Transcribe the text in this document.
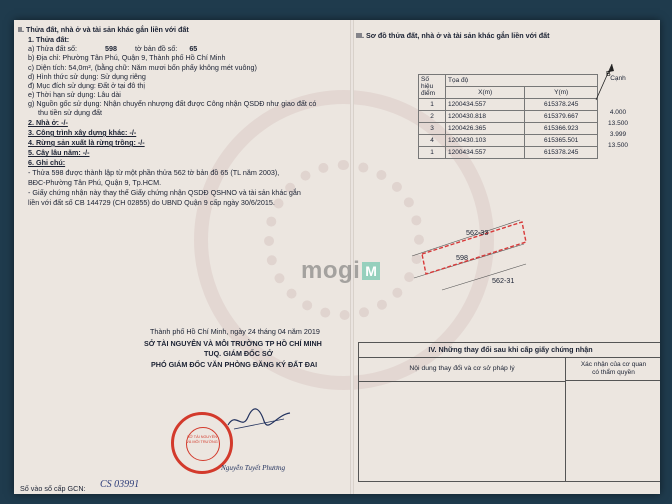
II. Thửa đất, nhà ở và tài sản khác gắn liền với đất
1. Thửa đất:
a) Thửa đất số:	598	tờ bản đồ số: 65
b) Địa chỉ: Phường Tân Phú, Quận 9, Thành phố Hồ Chí Minh
c) Diện tích: 54,0m², (bằng chữ: Năm mươi bốn phẩy không mét vuông)
d) Hình thức sử dụng: Sử dụng riêng
đ) Mục đích sử dụng: Đất ở tại đô thị
e) Thời hạn sử dụng: Lâu dài
g) Nguồn gốc sử dụng: Nhận chuyển nhượng đất được Công nhận QSDĐ như giao đất có
thu tiền sử dụng đất
2. Nhà ở: -/-
3. Công trình xây dựng khác: -/-
4. Rừng sản xuất là rừng trồng: -/-
5. Cây lâu năm: -/-
6. Ghi chú:
- Thửa 598 được thành lập từ một phần thửa 562 tờ bản đồ 65 (TL năm 2003),
BĐC-Phường Tân Phú, Quận 9, Tp.HCM.
- Giấy chứng nhận này thay thế Giấy chứng nhận QSDĐ QSHNO và tài sản khác gắn
liền với đất số CB 144729 (CH 02855) do UBND Quận 9 cấp ngày 30/6/2015.
Thành phố Hồ Chí Minh, ngày 24 tháng 04 năm 2019
SỞ TÀI NGUYÊN VÀ MÔI TRƯỜNG TP HỒ CHÍ MINH
TUQ. GIÁM ĐỐC SỞ
PHÓ GIÁM ĐỐC VĂN PHÒNG ĐĂNG KÝ ĐẤT ĐAI
SỞ TÀI NGUYÊN VÀ MÔI TRƯỜNG
Nguyễn Tuyết Phương
Số vào sổ cấp GCN: CS 03991
III. Sơ đồ thửa đất, nhà ở và tài sản khác gắn liền với đất
Số hiệu điểm	Tọa độ	
	X(m)	Y(m)
1	1200434.557	615378.245
2	1200430.818	615379.667
3	1200426.365	615366.923
4	1200430.103	615365.501
1	1200434.557	615378.245
Cạnh
4.000
13.500
3.999
13.500
B
562-33
598
562-31
IV. Những thay đổi sau khi cấp giấy chứng nhận
Nội dung thay đổi và cơ sở pháp lý
Xác nhận của cơ quan
có thẩm quyền
mogi M
